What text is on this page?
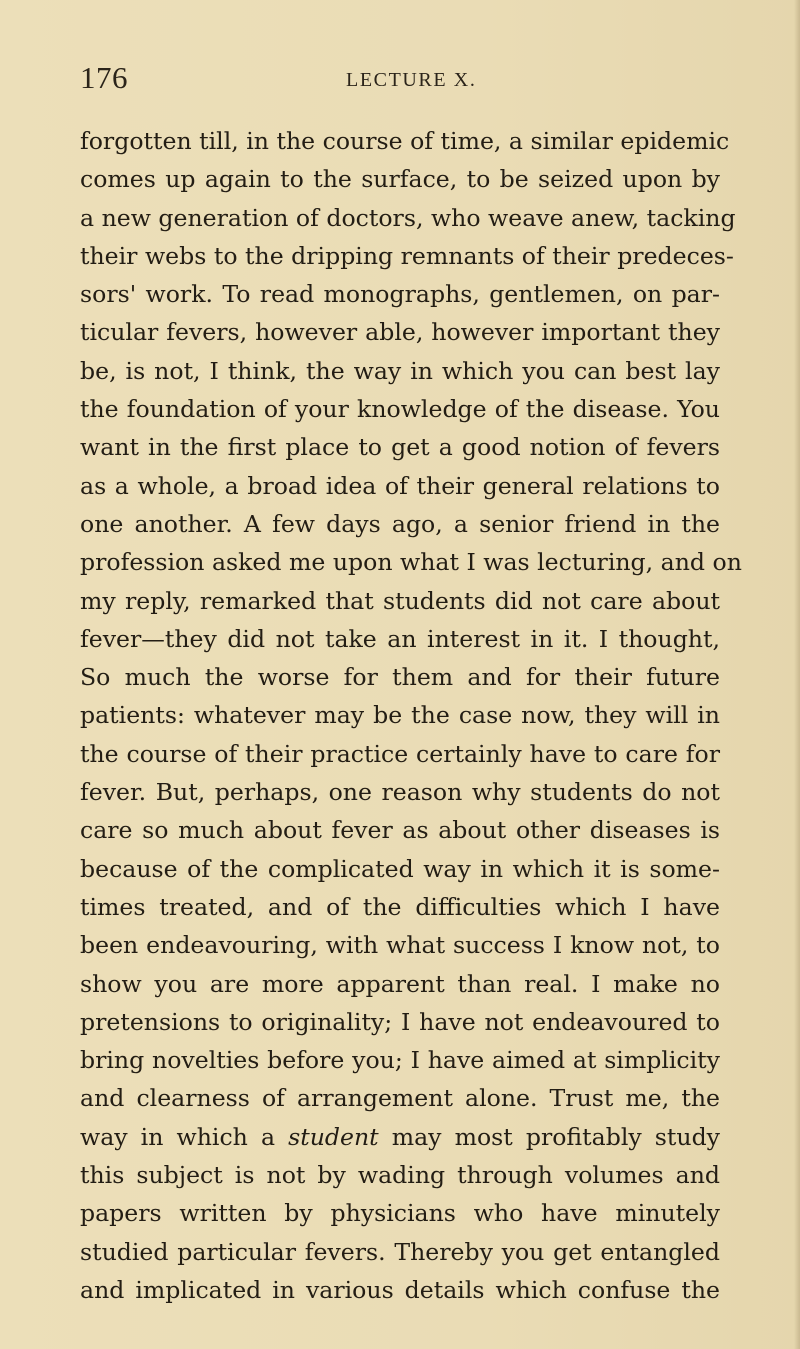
176	LECTURE X.
forgotten till, in the course of time, a similar epidemic
comes up again to the surface, to be seized upon by
a new generation of doctors, who weave anew, tacking
their webs to the dripping remnants of their predeces-
sors' work. To read monographs, gentlemen, on par-
ticular fevers, however able, however important they
be, is not, I think, the way in which you can best lay
the foundation of your knowledge of the disease. You
want in the first place to get a good notion of fevers
as a whole, a broad idea of their general relations to
one another. A few days ago, a senior friend in the
profession asked me upon what I was lecturing, and on
my reply, remarked that students did not care about
fever—they did not take an interest in it. I thought,
So much the worse for them and for their future
patients: whatever may be the case now, they will in
the course of their practice certainly have to care for
fever. But, perhaps, one reason why students do not
care so much about fever as about other diseases is
because of the complicated way in which it is some-
times treated, and of the difficulties which I have
been endeavouring, with what success I know not, to
show you are more apparent than real. I make no
pretensions to originality; I have not endeavoured to
bring novelties before you; I have aimed at simplicity
and clearness of arrangement alone. Trust me, the
way in which a student may most profitably study
this subject is not by wading through volumes and
papers written by physicians who have minutely
studied particular fevers. Thereby you get entangled
and implicated in various details which confuse the
